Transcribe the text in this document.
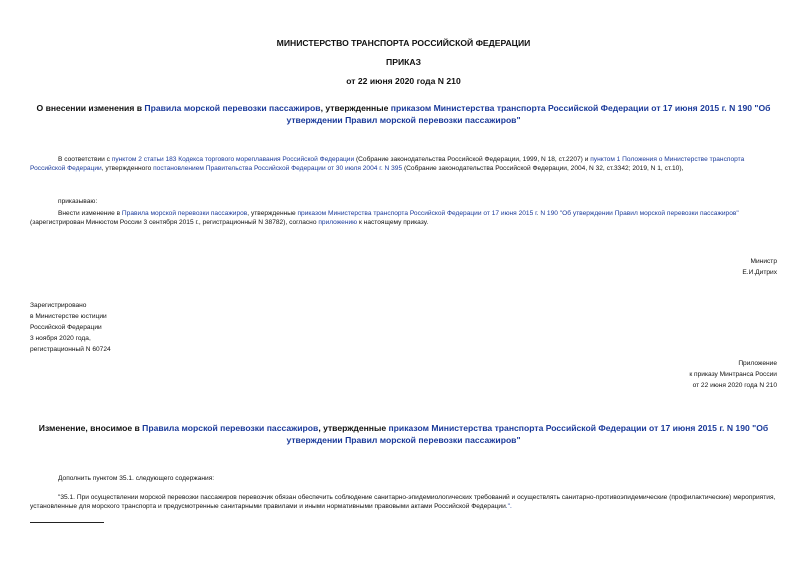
МИНИСТЕРСТВО ТРАНСПОРТА РОССИЙСКОЙ ФЕДЕРАЦИИ
ПРИКАЗ
от 22 июня 2020 года N 210
О внесении изменения в Правила морской перевозки пассажиров, утвержденные приказом Министерства транспорта Российской Федерации от 17 июня 2015 г. N 190 "Об утверждении Правил морской перевозки пассажиров"
В соответствии с пунктом 2 статьи 183 Кодекса торгового мореплавания Российской Федерации (Собрание законодательства Российской Федерации, 1999, N 18, ст.2207) и пунктом 1 Положения о Министерстве транспорта Российской Федерации, утвержденного постановлением Правительства Российской Федерации от 30 июля 2004 г. N 395 (Собрание законодательства Российской Федерации, 2004, N 32, ст.3342; 2019, N 1, ст.10),
приказываю:
Внести изменение в Правила морской перевозки пассажиров, утвержденные приказом Министерства транспорта Российской Федерации от 17 июня 2015 г. N 190 "Об утверждении Правил морской перевозки пассажиров" (зарегистрирован Минюстом России 3 сентября 2015 г., регистрационный N 38782), согласно приложению к настоящему приказу.
Министр
Е.И.Дитрих
Зарегистрировано
в Министерстве юстиции
Российской Федерации
3 ноября 2020 года,
регистрационный N 60724
Приложение
к приказу Минтранса России
от 22 июня 2020 года N 210
Изменение, вносимое в Правила морской перевозки пассажиров, утвержденные приказом Министерства транспорта Российской Федерации от 17 июня 2015 г. N 190 "Об утверждении Правил морской перевозки пассажиров"
Дополнить пунктом 35.1. следующего содержания:
"35.1. При осуществлении морской перевозки пассажиров перевозчик обязан обеспечить соблюдение санитарно-эпидемиологических требований и осуществлять санитарно-противоэпидемические (профилактические) мероприятия, установленные для морского транспорта и предусмотренные санитарными правилами и иными нормативными правовыми актами Российской Федерации.".
